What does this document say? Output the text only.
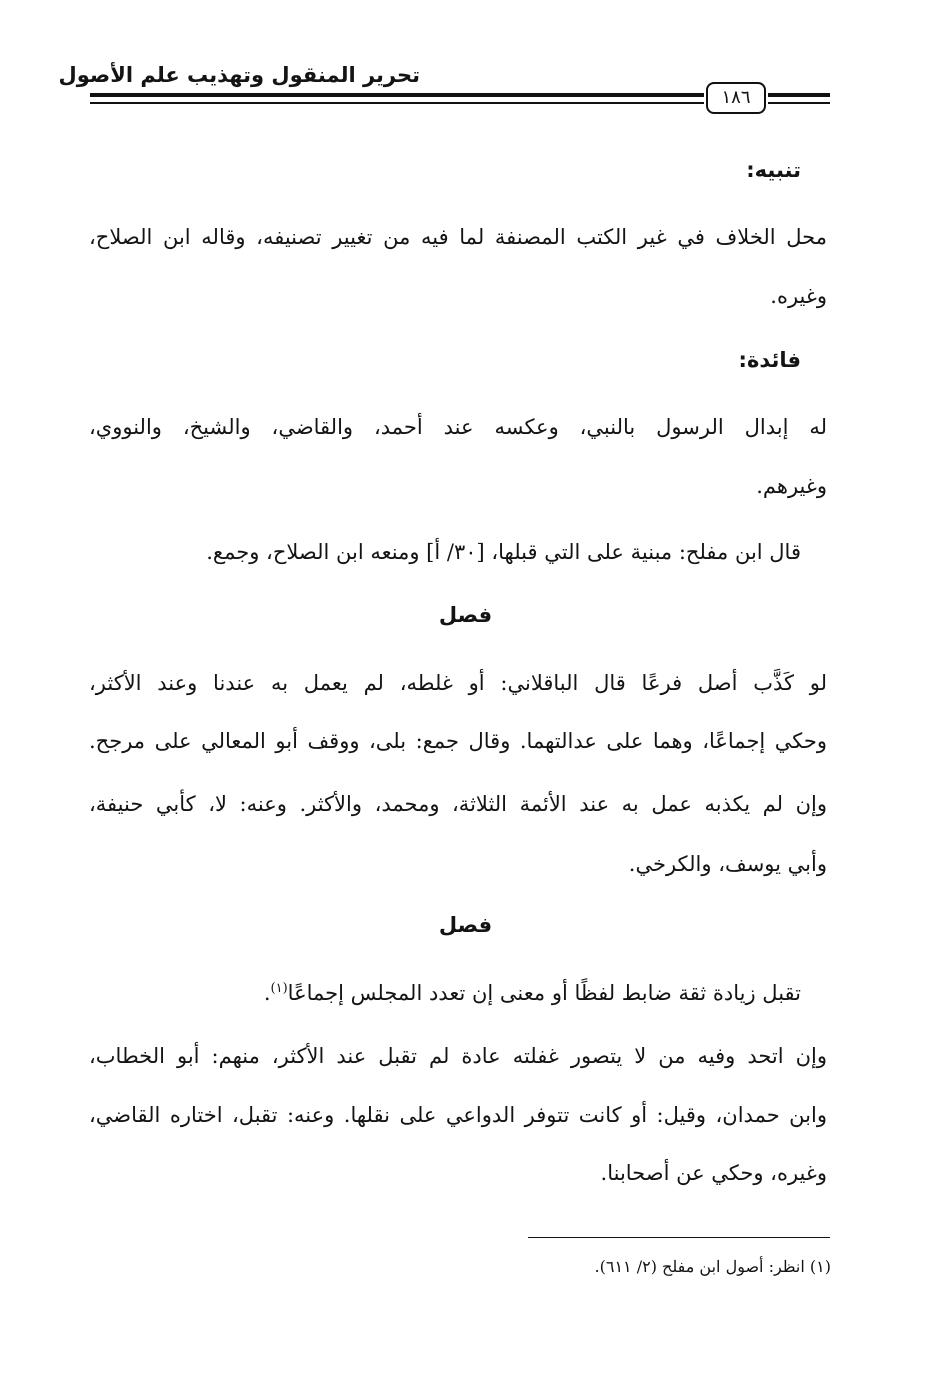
تحرير المنقول وتهذيب علم الأصول
١٨٦
تنبيه:
محل الخلاف في غير الكتب المصنفة لما فيه من تغيير تصنيفه، وقاله ابن الصلاح،
وغيره.
فائدة:
له إبدال الرسول بالنبي، وعكسه عند أحمد، والقاضي، والشيخ، والنووي،
وغيرهم.
قال ابن مفلح: مبنية على التي قبلها، [٣٠/ أ] ومنعه ابن الصلاح، وجمع.
فصل
لو كَذَّب أصل فرعًا قال الباقلاني: أو غلطه، لم يعمل به عندنا وعند الأكثر،
وحكي إجماعًا، وهما على عدالتهما. وقال جمع: بلى، ووقف أبو المعالي على مرجح.
وإن لم يكذبه عمل به عند الأئمة الثلاثة، ومحمد، والأكثر. وعنه: لا، كأبي حنيفة،
وأبي يوسف، والكرخي.
فصل
تقبل زيادة ثقة ضابط لفظًا أو معنى إن تعدد المجلس إجماعًا$^{(١)}$.
وإن اتحد وفيه من لا يتصور غفلته عادة لم تقبل عند الأكثر، منهم: أبو الخطاب،
وابن حمدان، وقيل: أو كانت تتوفر الدواعي على نقلها. وعنه: تقبل، اختاره القاضي،
وغيره، وحكي عن أصحابنا.
(١) انظر: أصول ابن مفلح (٢/ ٦١١).
